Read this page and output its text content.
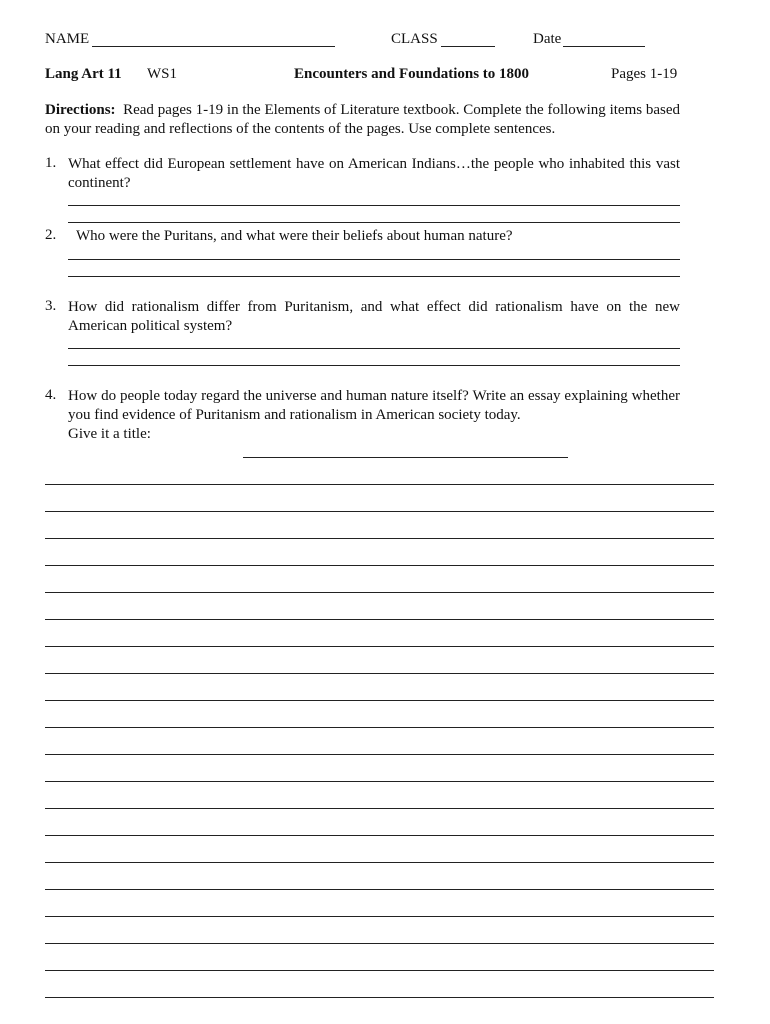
NAME	CLASS	Date
Lang Art 11 WS1	Encounters and Foundations to 1800	Pages 1-19
Directions: Read pages 1-19 in the Elements of Literature textbook. Complete the following items based on your reading and reflections of the contents of the pages. Use complete sentences.
1. What effect did European settlement have on American Indians…the people who inhabited this vast continent?
2. Who were the Puritans, and what were their beliefs about human nature?
3. How did rationalism differ from Puritanism, and what effect did rationalism have on the new American political system?
4. How do people today regard the universe and human nature itself? Write an essay explaining whether you find evidence of Puritanism and rationalism in American society today.
Give it a title:
